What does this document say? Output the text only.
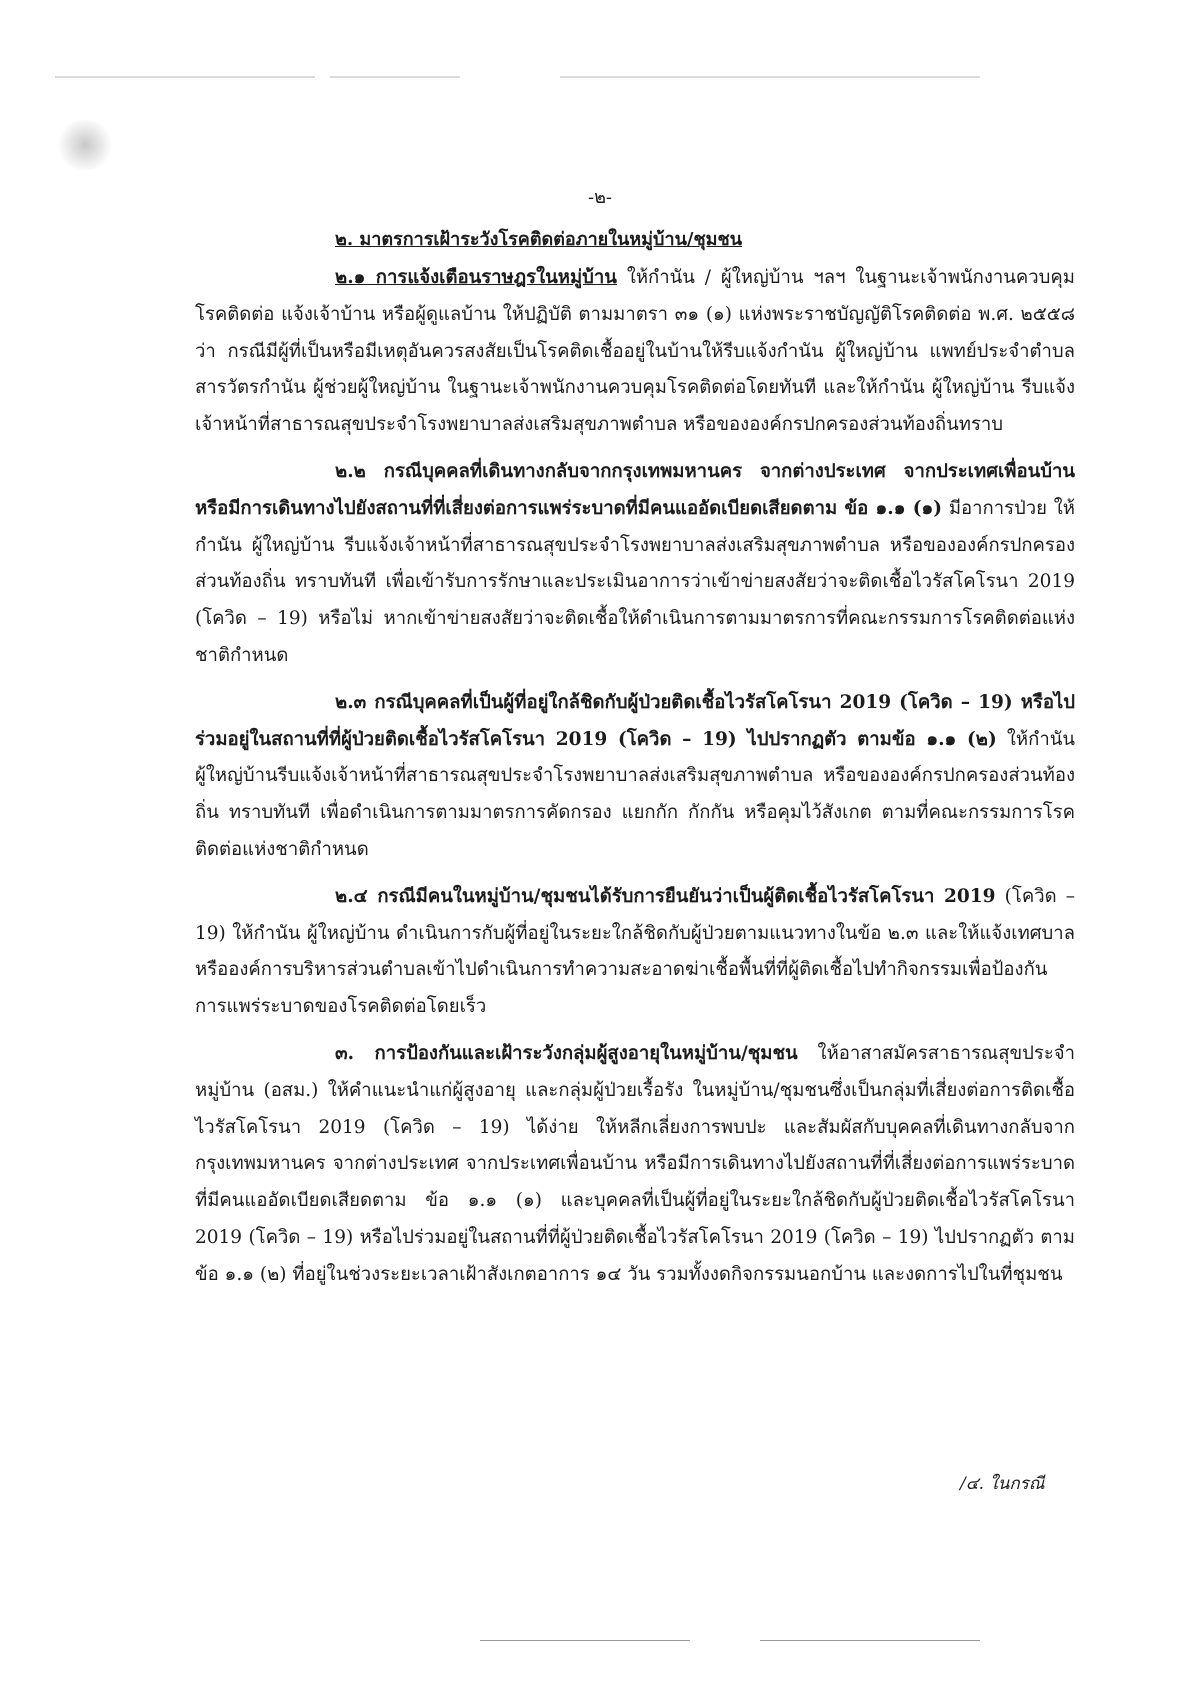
-๒-
๒. มาตรการเฝ้าระวังโรคติดต่อภายในหมู่บ้าน/ชุมชน

๒.๑ การแจ้งเตือนราษฎรในหมู่บ้าน ให้กำนัน / ผู้ใหญ่บ้าน ฯลฯ ในฐานะเจ้าพนักงานควบคุมโรคติดต่อ แจ้งเจ้าบ้าน หรือผู้ดูแลบ้าน ให้ปฏิบัติ ตามมาตรา ๓๑ (๑) แห่งพระราชบัญญัติโรคติดต่อ พ.ศ. ๒๕๕๘ ว่า กรณีมีผู้ที่เป็นหรือมีเหตุอันควรสงสัยเป็นโรคติดเชื้ออยู่ในบ้านให้รีบแจ้งกำนัน ผู้ใหญ่บ้าน แพทย์ประจำตำบล สารวัตรกำนัน ผู้ช่วยผู้ใหญ่บ้าน ในฐานะเจ้าพนักงานควบคุมโรคติดต่อโดยทันที และให้กำนัน ผู้ใหญ่บ้าน รีบแจ้งเจ้าหน้าที่สาธารณสุขประจำโรงพยาบาลส่งเสริมสุขภาพตำบล หรือขององค์กรปกครองส่วนท้องถิ่นทราบ

๒.๒ กรณีบุคคลที่เดินทางกลับจากกรุงเทพมหานคร จากต่างประเทศ จากประเทศเพื่อนบ้าน หรือมีการเดินทางไปยังสถานที่ที่เสี่ยงต่อการแพร่ระบาดที่มีคนแออัดเบียดเสียดตาม ข้อ ๑.๑ (๑) มีอาการป่วย ให้กำนัน ผู้ใหญ่บ้าน รีบแจ้งเจ้าหน้าที่สาธารณสุขประจำโรงพยาบาลส่งเสริมสุขภาพตำบล หรือขององค์กรปกครองส่วนท้องถิ่น ทราบทันที เพื่อเข้ารับการรักษาและประเมินอาการว่าเข้าข่ายสงสัยว่าจะติดเชื้อไวรัสโคโรนา 2019 (โควิด – 19) หรือไม่ หากเข้าข่ายสงสัยว่าจะติดเชื้อให้ดำเนินการตามมาตรการที่คณะกรรมการโรคติดต่อแห่งชาติกำหนด

๒.๓ กรณีบุคคลที่เป็นผู้ที่อยู่ใกล้ชิดกับผู้ป่วยติดเชื้อไวรัสโคโรนา 2019 (โควิด – 19) หรือไปร่วมอยู่ในสถานที่ที่ผู้ป่วยติดเชื้อไวรัสโคโรนา 2019 (โควิด – 19) ไปปรากฏตัว ตามข้อ ๑.๑ (๒) ให้กำนัน ผู้ใหญ่บ้านรีบแจ้งเจ้าหน้าที่สาธารณสุขประจำโรงพยาบาลส่งเสริมสุขภาพตำบล หรือขององค์กรปกครองส่วนท้องถิ่น ทราบทันที เพื่อดำเนินการตามมาตรการคัดกรอง แยกกัก กักกัน หรือคุมไว้สังเกต ตามที่คณะกรรมการโรคติดต่อแห่งชาติกำหนด

๒.๔ กรณีมีคนในหมู่บ้าน/ชุมชนได้รับการยืนยันว่าเป็นผู้ติดเชื้อไวรัสโคโรนา 2019 (โควิด – 19) ให้กำนัน ผู้ใหญ่บ้าน ดำเนินการกับผู้ที่อยู่ในระยะใกล้ชิดกับผู้ป่วยตามแนวทางในข้อ ๒.๓ และให้แจ้งเทศบาลหรือองค์การบริหารส่วนตำบลเข้าไปดำเนินการทำความสะอาดฆ่าเชื้อพื้นที่ที่ผู้ติดเชื้อไปทำกิจกรรมเพื่อป้องกันการแพร่ระบาดของโรคติดต่อโดยเร็ว

๓. การป้องกันและเฝ้าระวังกลุ่มผู้สูงอายุในหมู่บ้าน/ชุมชน ให้อาสาสมัครสาธารณสุขประจำหมู่บ้าน (อสม.) ให้คำแนะนำแก่ผู้สูงอายุ และกลุ่มผู้ป่วยเรื้อรัง ในหมู่บ้าน/ชุมชนซึ่งเป็นกลุ่มที่เสี่ยงต่อการติดเชื้อไวรัสโคโรนา 2019 (โควิด – 19) ได้ง่าย ให้หลีกเลี่ยงการพบปะ และสัมผัสกับบุคคลที่เดินทางกลับจากกรุงเทพมหานคร จากต่างประเทศ จากประเทศเพื่อนบ้าน หรือมีการเดินทางไปยังสถานที่ที่เสี่ยงต่อการแพร่ระบาดที่มีคนแออัดเบียดเสียดตาม ข้อ ๑.๑ (๑) และบุคคลที่เป็นผู้ที่อยู่ในระยะใกล้ชิดกับผู้ป่วยติดเชื้อไวรัสโคโรนา 2019 (โควิด – 19) หรือไปร่วมอยู่ในสถานที่ที่ผู้ป่วยติดเชื้อไวรัสโคโรนา 2019 (โควิด – 19) ไปปรากฏตัว ตามข้อ ๑.๑ (๒) ที่อยู่ในช่วงระยะเวลาเฝ้าสังเกตอาการ ๑๔ วัน รวมทั้งงดกิจกรรมนอกบ้าน และงดการไปในที่ชุมชน

/๔. ในกรณี
